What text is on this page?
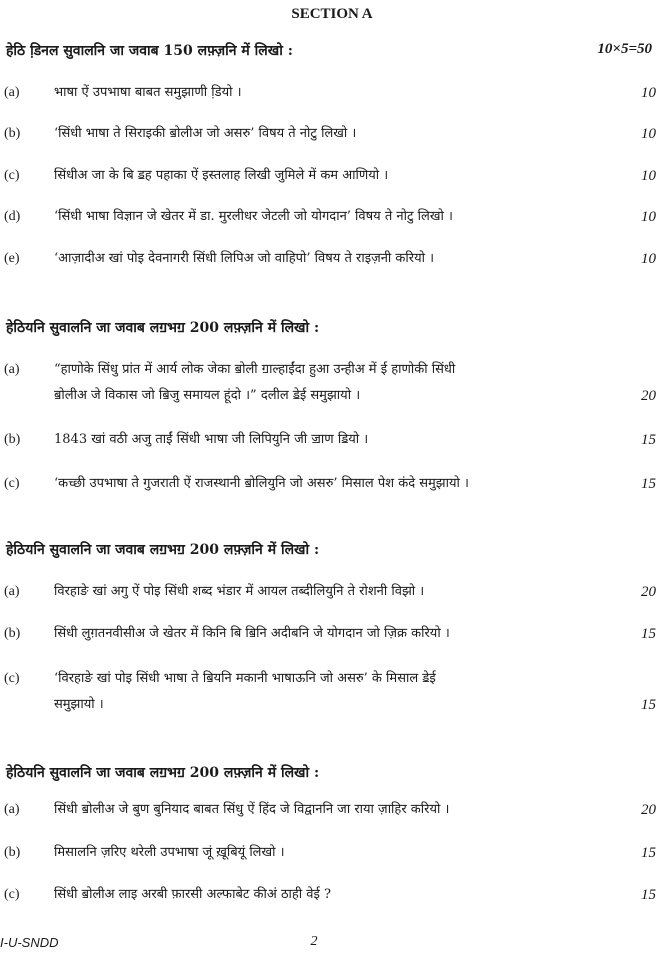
SECTION A
हेठि डि़नल सुवालनि जा जवाब 150 लफ़्ज़नि में लिखो :	10×5=50
(a)	भाषा ऐं उपभाषा बाबत समुझाणी डि़यो ।	10
(b)	‘सिंधी भाषा ते सिराइकी ॿोलीअ जो असरु’ विषय ते नोटु लिखो ।	10
(c)	सिंधीअ जा के बि ॾह पहाका ऐं इस्तलाह लिखी जुमिले में कम आणियो ।	10
(d)	‘सिंधी भाषा विज्ञान जे खेतर में डा. मुरलीधर जेटली जो योगदान’ विषय ते नोटु लिखो ।	10
(e)	‘आज़ादीअ खां पोइ देवनागरी सिंधी लिपिअ जो वाहिपो’ विषय ते राइज़नी करियो ।	10
हेठियनि सुवालनि जा जवाब लॻभॻ 200 लफ़्ज़नि में लिखो :
(a)	“हाणोके सिंधु प्रांत में आर्य लोक जेका ॿोली ॻाल्हाईंदा हुआ उन्हीअ में ई हाणोकी सिंधी
ॿोलीअ जे विकास जो ॿिजु समायल हूंदो ।” दलील ॾेई समुझायो ।	20
(b)	1843 खां वठी अजु ताईं सिंधी भाषा जी लिपियुनि जी ॼाण ॾियो ।	15
(c)	‘कच्छी उपभाषा ते गुजराती ऐं राजस्थानी ॿोलियुनि जो असरु’ मिसाल पेश कंदे समुझायो ।	15
हेठियनि सुवालनि जा जवाब लॻभॻ 200 लफ़्ज़नि में लिखो :
(a)	विरहाङे खां अगु ऐं पोइ सिंधी शब्द भंडार में आयल तब्दीलियुनि ते रोशनी विझो ।	20
(b)	सिंधी लुग़तनवीसीअ जे खेतर में किनि बि ॿिनि अदीबनि जे योगदान जो ज़िक्र करियो ।	15
(c)	‘विरहाङे खां पोइ सिंधी भाषा ते ॿियनि मकानी भाषाऊनि जो असरु’ के मिसाल ॾेई
समुझायो ।	15
हेठियनि सुवालनि जा जवाब लॻभॻ 200 लफ़्ज़नि में लिखो :
(a)	सिंधी ॿोलीअ जे बुण बुनियाद बाबत सिंधु ऐं हिंद जे विद्वाननि जा राया ज़ाहिर करियो ।	20
(b)	मिसालनि ज़रिए थरेली उपभाषा जूं ख़ूबियूं लिखो ।	15
(c)	सिंधी ॿोलीअ लाइ अरबी फ़ारसी अल्फाबेट कीअं ठाही वेई ?	15
I-U-SNDD	2
